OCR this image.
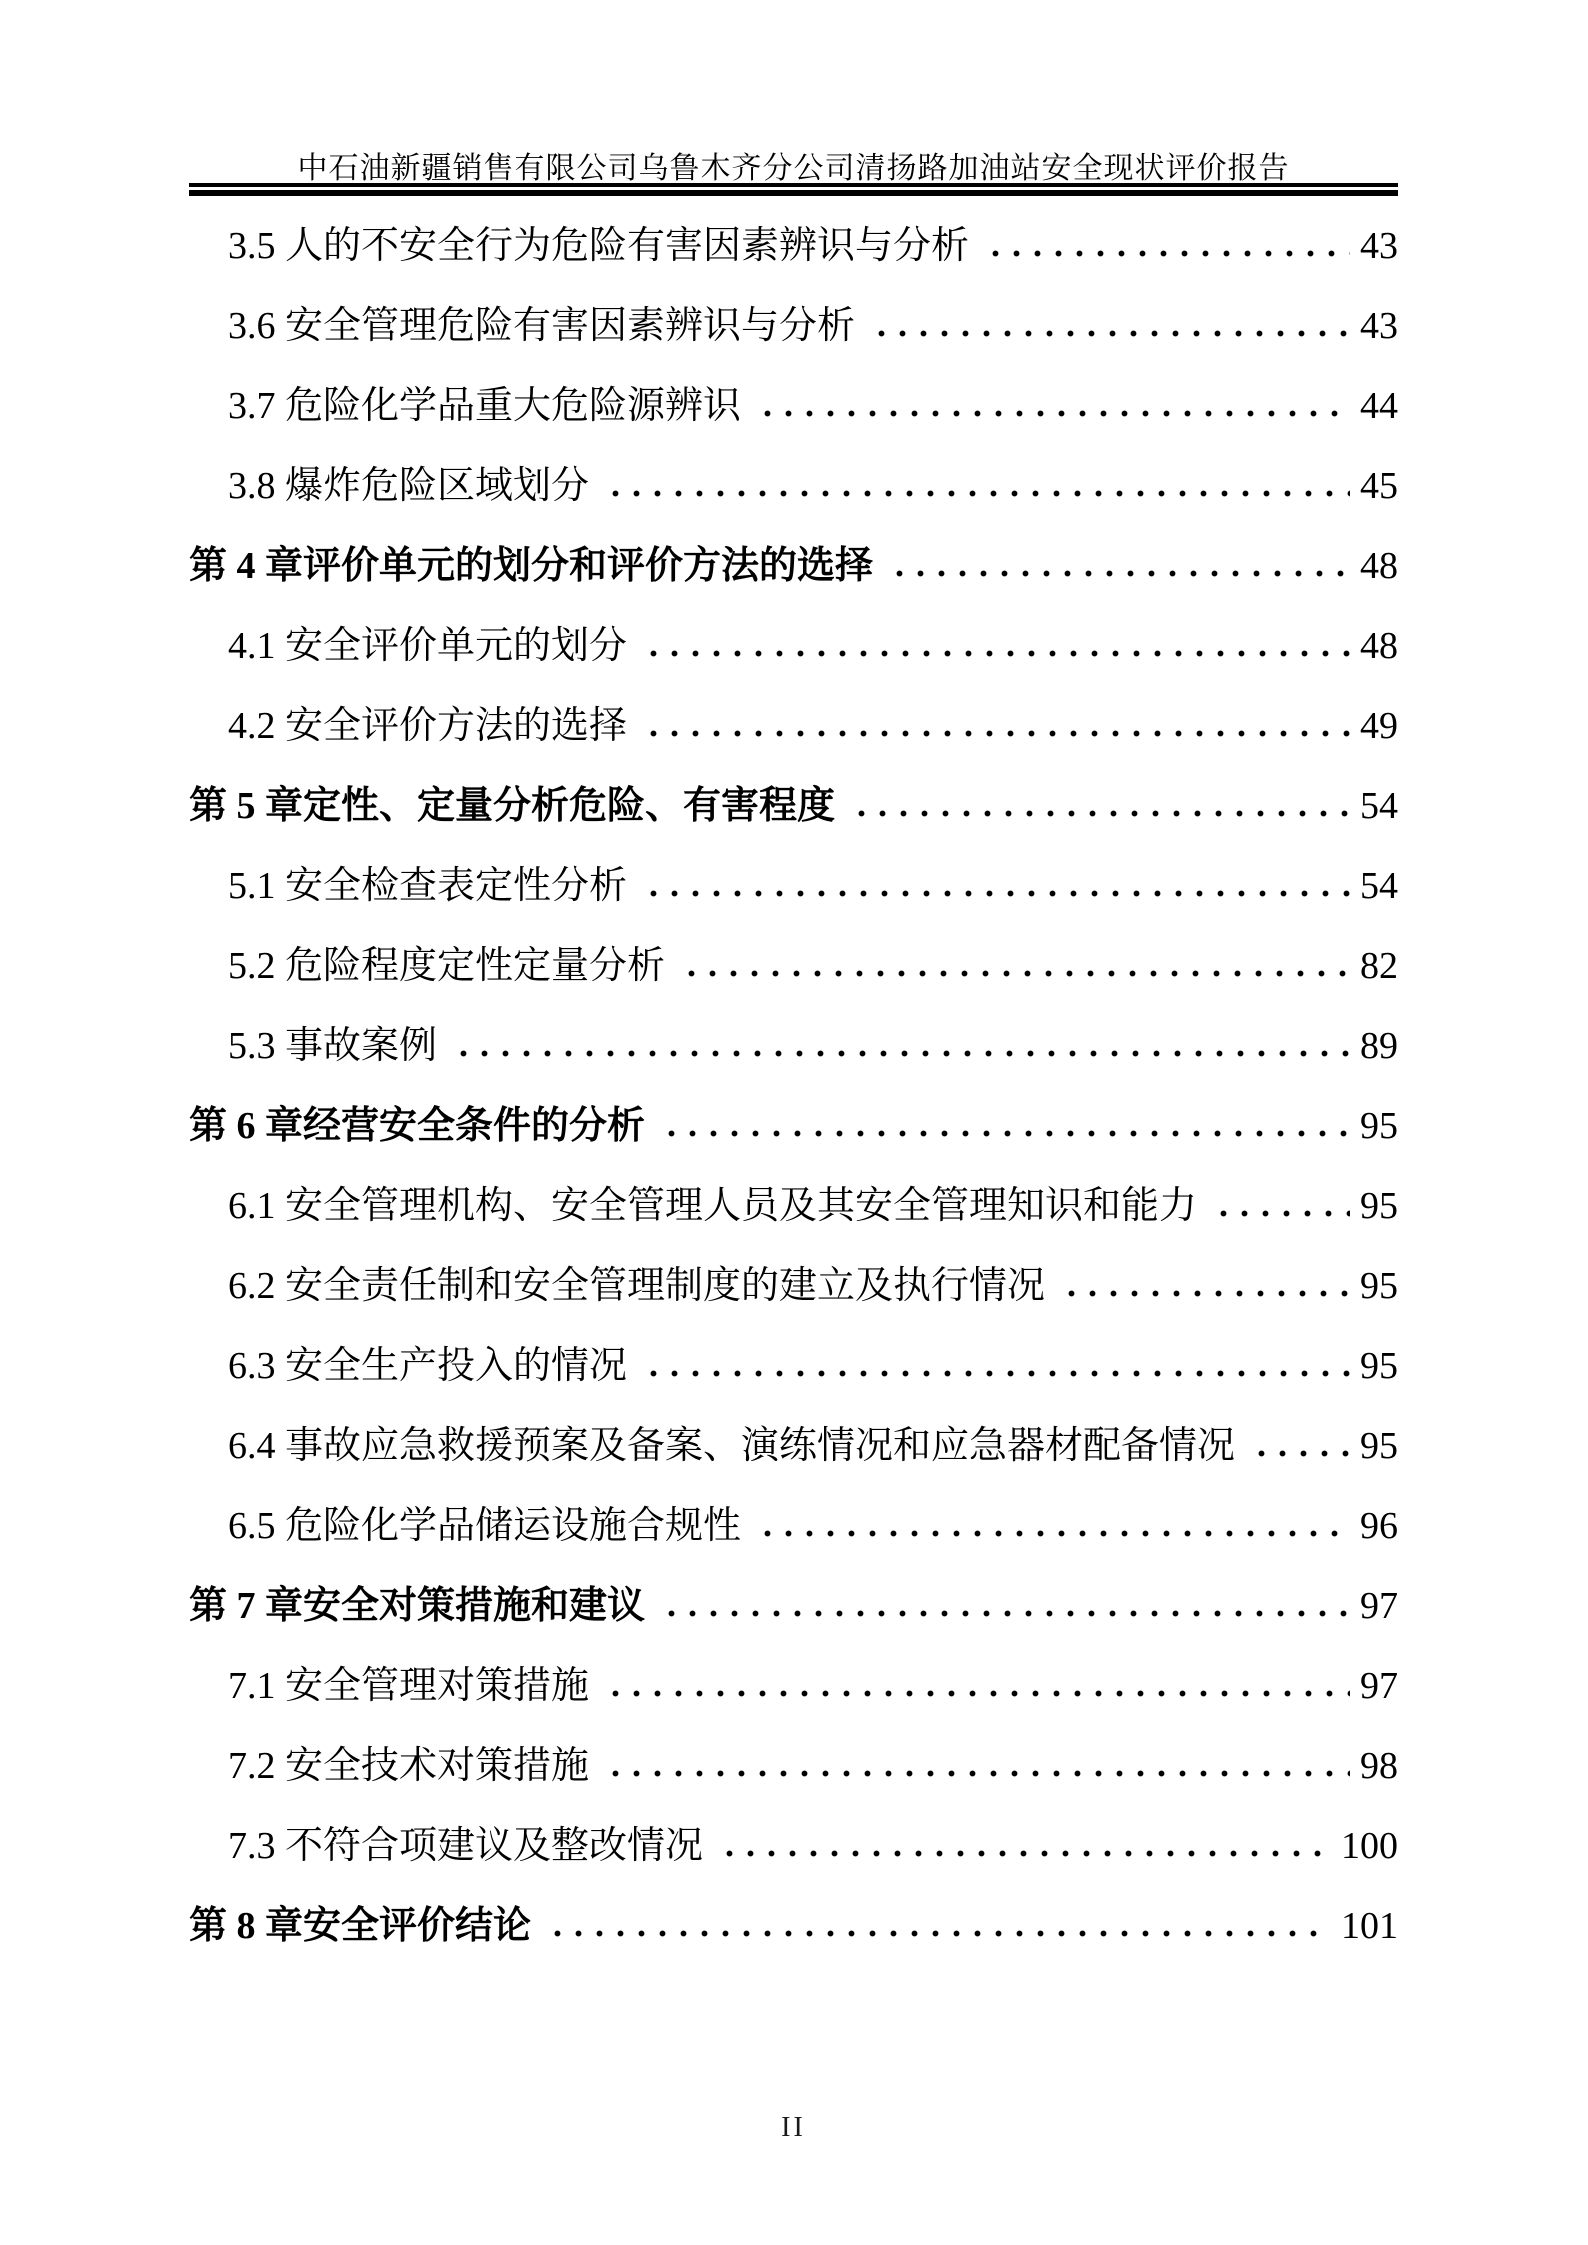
中石油新疆销售有限公司乌鲁木齐分公司清扬路加油站安全现状评价报告
3.5 人的不安全行为危险有害因素辨识与分析	43
3.6 安全管理危险有害因素辨识与分析	43
3.7 危险化学品重大危险源辨识	44
3.8 爆炸危险区域划分	45
第 4 章评价单元的划分和评价方法的选择	48
4.1 安全评价单元的划分	48
4.2 安全评价方法的选择	49
第 5 章定性、定量分析危险、有害程度	54
5.1 安全检查表定性分析	54
5.2 危险程度定性定量分析	82
5.3 事故案例	89
第 6 章经营安全条件的分析	95
6.1 安全管理机构、安全管理人员及其安全管理知识和能力	95
6.2 安全责任制和安全管理制度的建立及执行情况	95
6.3 安全生产投入的情况	95
6.4 事故应急救援预案及备案、演练情况和应急器材配备情况	95
6.5 危险化学品储运设施合规性	96
第 7 章安全对策措施和建议	97
7.1 安全管理对策措施	97
7.2 安全技术对策措施	98
7.3 不符合项建议及整改情况	100
第 8 章安全评价结论	101
II
